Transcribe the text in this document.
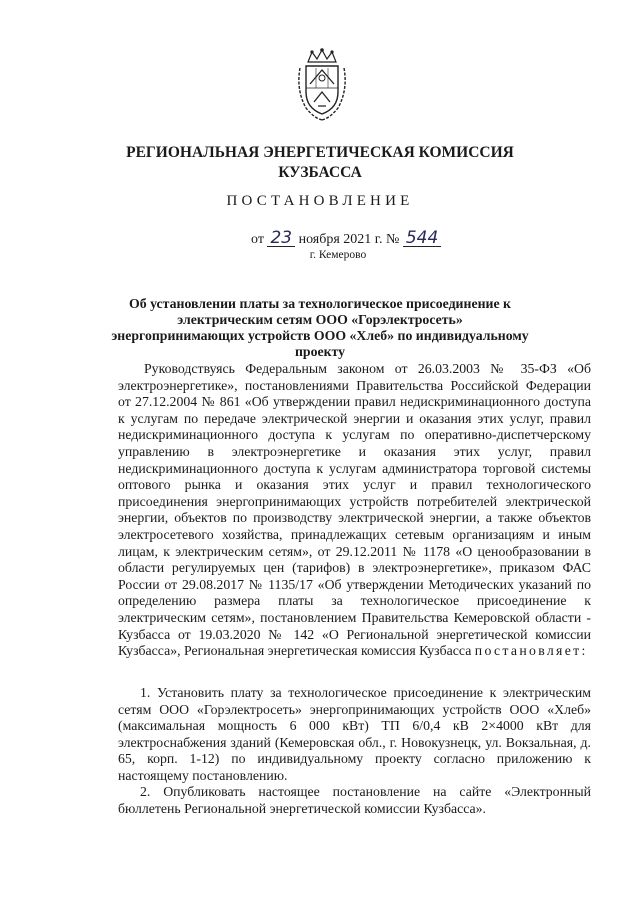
РЕГИОНАЛЬНАЯ ЭНЕРГЕТИЧЕСКАЯ КОМИССИЯ
КУЗБАССА
ПОСТАНОВЛЕНИЕ
от 23 ноября 2021 г. № 544
г. Кемерово
Об установлении платы за технологическое присоединение к электрическим сетям ООО «Горэлектросеть» энергопринимающих устройств ООО «Хлеб» по индивидуальному проекту
Руководствуясь Федеральным законом от 26.03.2003 № 35-ФЗ «Об электроэнергетике», постановлениями Правительства Российской Федерации от 27.12.2004 № 861 «Об утверждении правил недискриминационного доступа к услугам по передаче электрической энергии и оказания этих услуг, правил недискриминационного доступа к услугам по оперативно-диспетчерскому управлению в электроэнергетике и оказания этих услуг, правил недискриминационного доступа к услугам администратора торговой системы оптового рынка и оказания этих услуг и правил технологического присоединения энергопринимающих устройств потребителей электрической энергии, объектов по производству электрической энергии, а также объектов электросетевого хозяйства, принадлежащих сетевым организациям и иным лицам, к электрическим сетям», от 29.12.2011 № 1178 «О ценообразовании в области регулируемых цен (тарифов) в электроэнергетике», приказом ФАС России от 29.08.2017 № 1135/17 «Об утверждении Методических указаний по определению размера платы за технологическое присоединение к электрическим сетям», постановлением Правительства Кемеровской области - Кузбасса от 19.03.2020 № 142 «О Региональной энергетической комиссии Кузбасса», Региональная энергетическая комиссия Кузбасса постановляет:
1. Установить плату за технологическое присоединение к электрическим сетям ООО «Горэлектросеть» энергопринимающих устройств ООО «Хлеб» (максимальная мощность 6 000 кВт) ТП 6/0,4 кВ 2×4000 кВт для электроснабжения зданий (Кемеровская обл., г. Новокузнецк, ул. Вокзальная, д. 65, корп. 1-12) по индивидуальному проекту согласно приложению к настоящему постановлению.
2. Опубликовать настоящее постановление на сайте «Электронный бюллетень Региональной энергетической комиссии Кузбасса».
